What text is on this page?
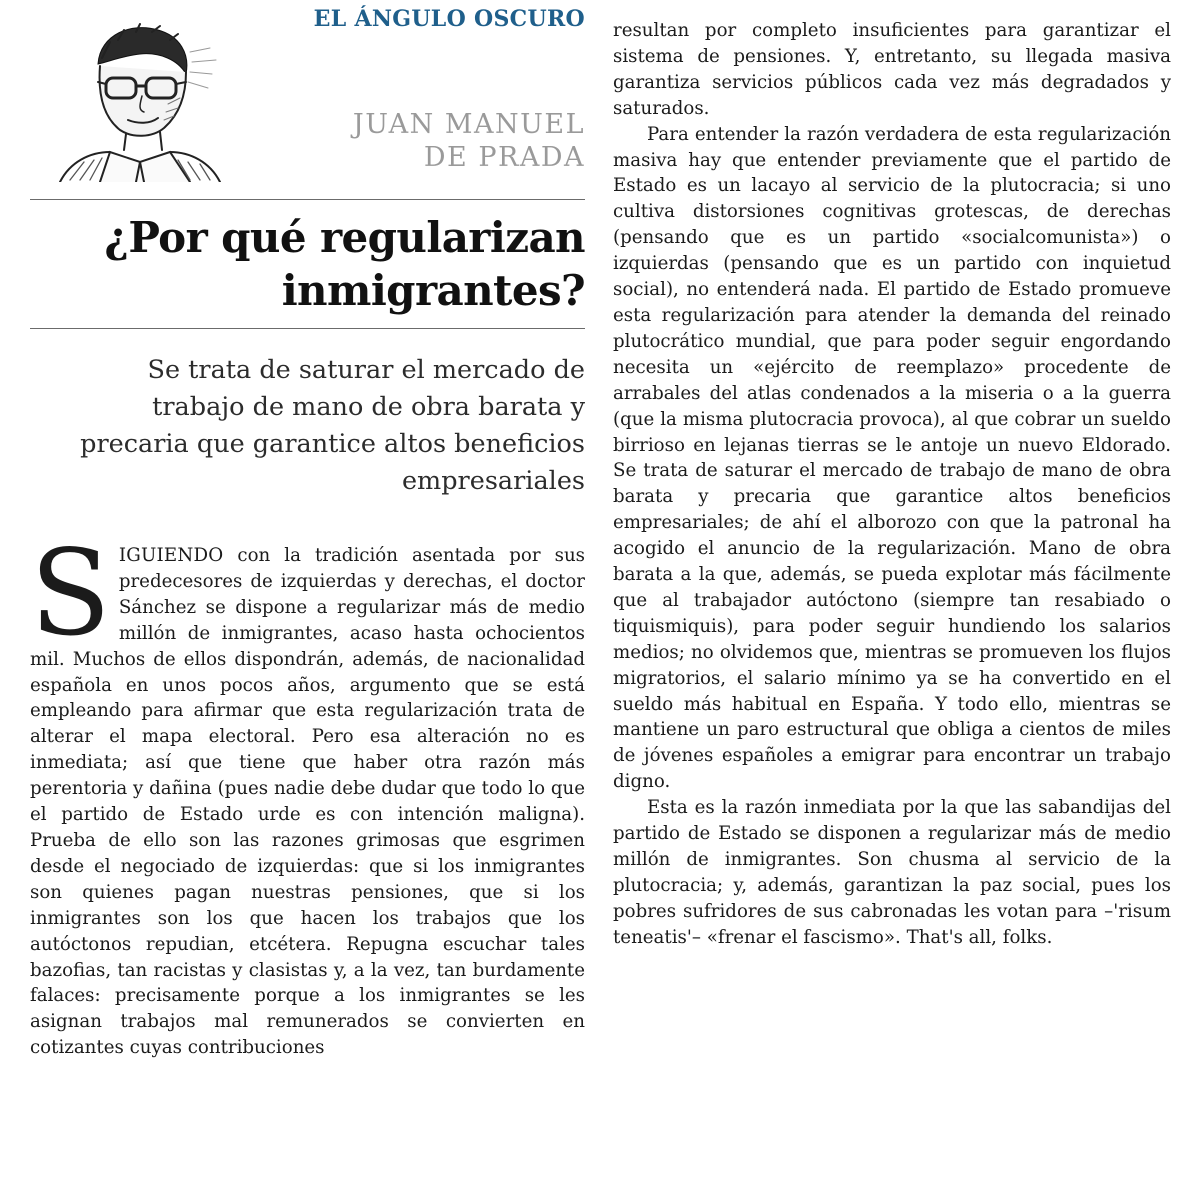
EL ÁNGULO OSCURO
JUAN MANUEL
DE PRADA
¿Por qué regularizan inmigrantes?

Se trata de saturar el mercado de trabajo de mano de obra barata y precaria que garantice altos beneficios empresariales

SIGUIENDO con la tradición asentada por sus predecesores de izquierdas y derechas, el doctor Sánchez se dispone a regularizar más de medio millón de inmigrantes, acaso hasta ochocientos mil. Muchos de ellos dispondrán, además, de nacionalidad española en unos pocos años, argumento que se está empleando para afirmar que esta regularización trata de alterar el mapa electoral. Pero esa alteración no es inmediata; así que tiene que haber otra razón más perentoria y dañina (pues nadie debe dudar que todo lo que el partido de Estado urde es con intención maligna). Prueba de ello son las razones grimosas que esgrimen desde el negociado de izquierdas: que si los inmigrantes son quienes pagan nuestras pensiones, que si los inmigrantes son los que hacen los trabajos que los autóctonos repudian, etcétera. Repugna escuchar tales bazofias, tan racistas y clasistas y, a la vez, tan burdamente falaces: precisamente porque a los inmigrantes se les asignan trabajos mal remunerados se convierten en cotizantes cuyas contribuciones

resultan por completo insuficientes para garantizar el sistema de pensiones. Y, entretanto, su llegada masiva garantiza servicios públicos cada vez más degradados y saturados.

Para entender la razón verdadera de esta regularización masiva hay que entender previamente que el partido de Estado es un lacayo al servicio de la plutocracia; si uno cultiva distorsiones cognitivas grotescas, de derechas (pensando que es un partido «socialcomunista») o izquierdas (pensando que es un partido con inquietud social), no entenderá nada. El partido de Estado promueve esta regularización para atender la demanda del reinado plutocrático mundial, que para poder seguir engordando necesita un «ejército de reemplazo» procedente de arrabales del atlas condenados a la miseria o a la guerra (que la misma plutocracia provoca), al que cobrar un sueldo birrioso en lejanas tierras se le antoje un nuevo Eldorado. Se trata de saturar el mercado de trabajo de mano de obra barata y precaria que garantice altos beneficios empresariales; de ahí el alborozo con que la patronal ha acogido el anuncio de la regularización. Mano de obra barata a la que, además, se pueda explotar más fácilmente que al trabajador autóctono (siempre tan resabiado o tiquismiquis), para poder seguir hundiendo los salarios medios; no olvidemos que, mientras se promueven los flujos migratorios, el salario mínimo ya se ha convertido en el sueldo más habitual en España. Y todo ello, mientras se mantiene un paro estructural que obliga a cientos de miles de jóvenes españoles a emigrar para encontrar un trabajo digno.

Esta es la razón inmediata por la que las sabandijas del partido de Estado se disponen a regularizar más de medio millón de inmigrantes. Son chusma al servicio de la plutocracia; y, además, garantizan la paz social, pues los pobres sufridores de sus cabronadas les votan para –'risum teneatis'– «frenar el fascismo». That's all, folks.
